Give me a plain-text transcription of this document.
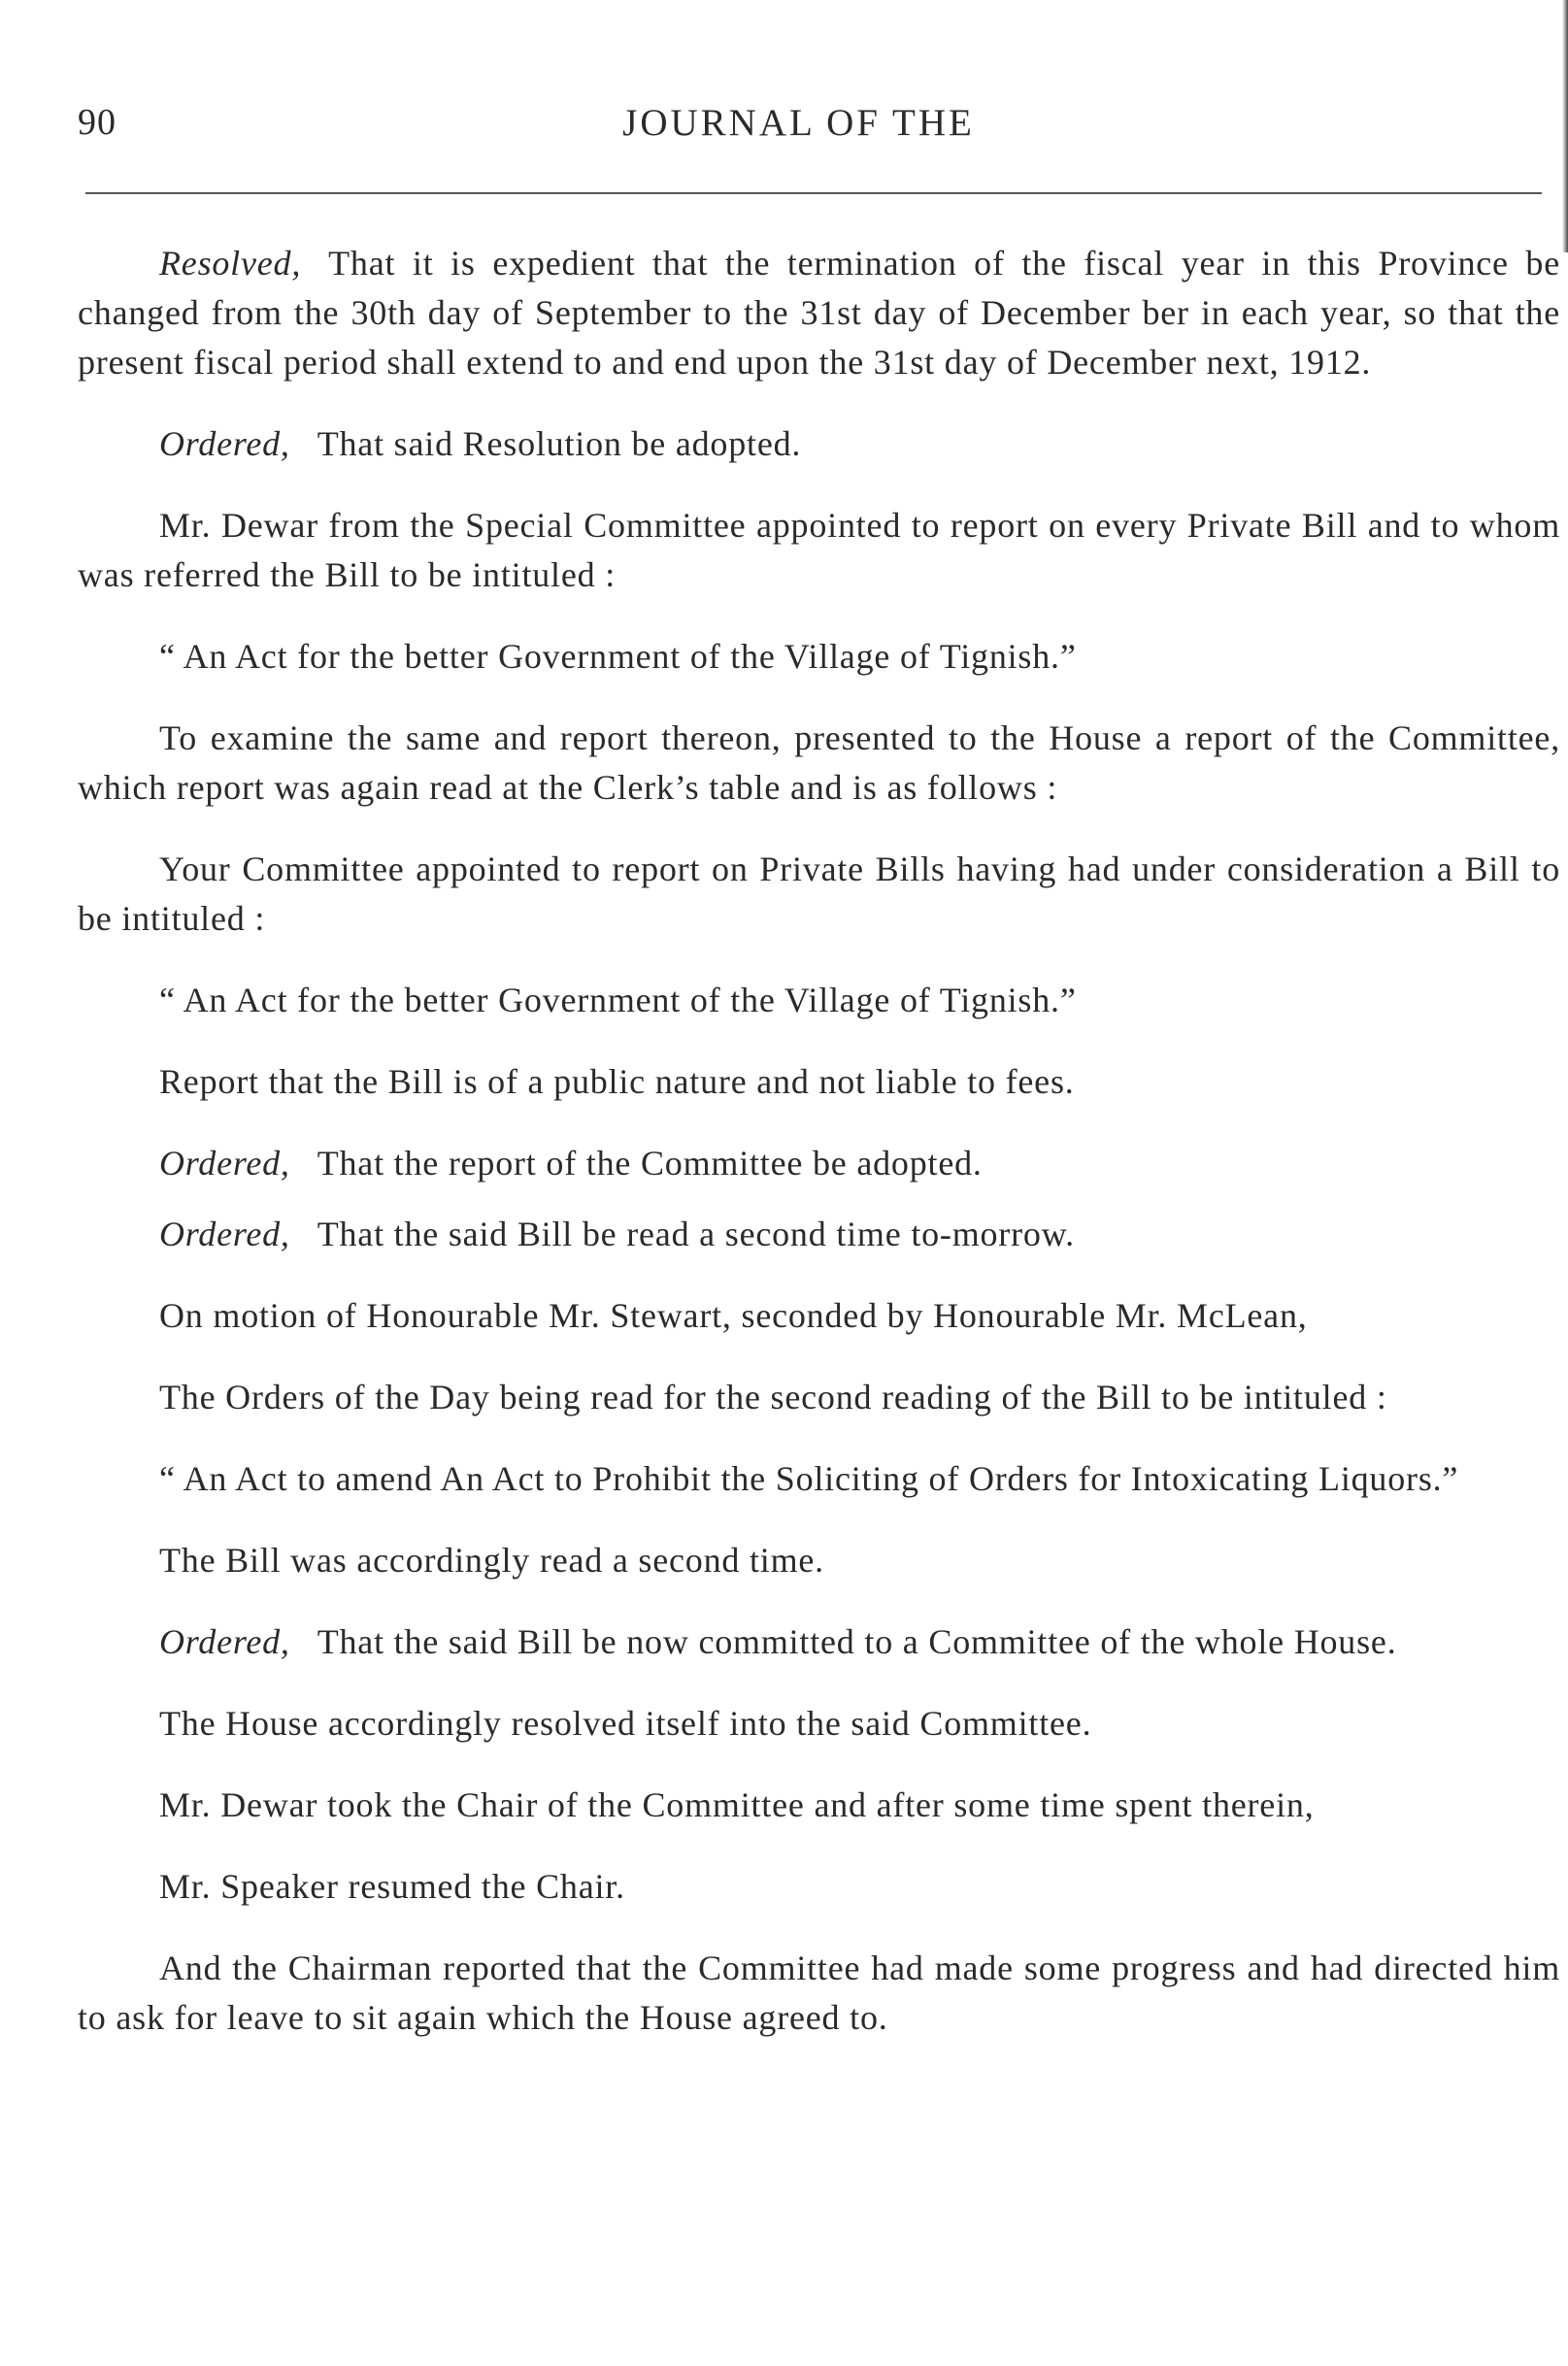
90	JOURNAL OF THE

Resolved, That it is expedient that the termination of the fiscal year in this Province be changed from the 30th day of September to the 31st day of December ber in each year, so that the present fiscal period shall extend to and end upon the 31st day of December next, 1912.

Ordered, That said Resolution be adopted.

Mr. Dewar from the Special Committee appointed to report on every Private Bill and to whom was referred the Bill to be intituled :

“ An Act for the better Government of the Village of Tignish.”

To examine the same and report thereon, presented to the House a report of the Committee, which report was again read at the Clerk’s table and is as follows :

Your Committee appointed to report on Private Bills having had under consideration a Bill to be intituled :

“ An Act for the better Government of the Village of Tignish.”

Report that the Bill is of a public nature and not liable to fees.

Ordered, That the report of the Committee be adopted.

Ordered, That the said Bill be read a second time to-morrow.

On motion of Honourable Mr. Stewart, seconded by Honourable Mr. McLean,

The Orders of the Day being read for the second reading of the Bill to be intituled :

“ An Act to amend An Act to Prohibit the Soliciting of Orders for Intoxicating Liquors.”

The Bill was accordingly read a second time.

Ordered, That the said Bill be now committed to a Committee of the whole House.

The House accordingly resolved itself into the said Committee.

Mr. Dewar took the Chair of the Committee and after some time spent therein,

Mr. Speaker resumed the Chair.

And the Chairman reported that the Committee had made some progress and had directed him to ask for leave to sit again which the House agreed to.
